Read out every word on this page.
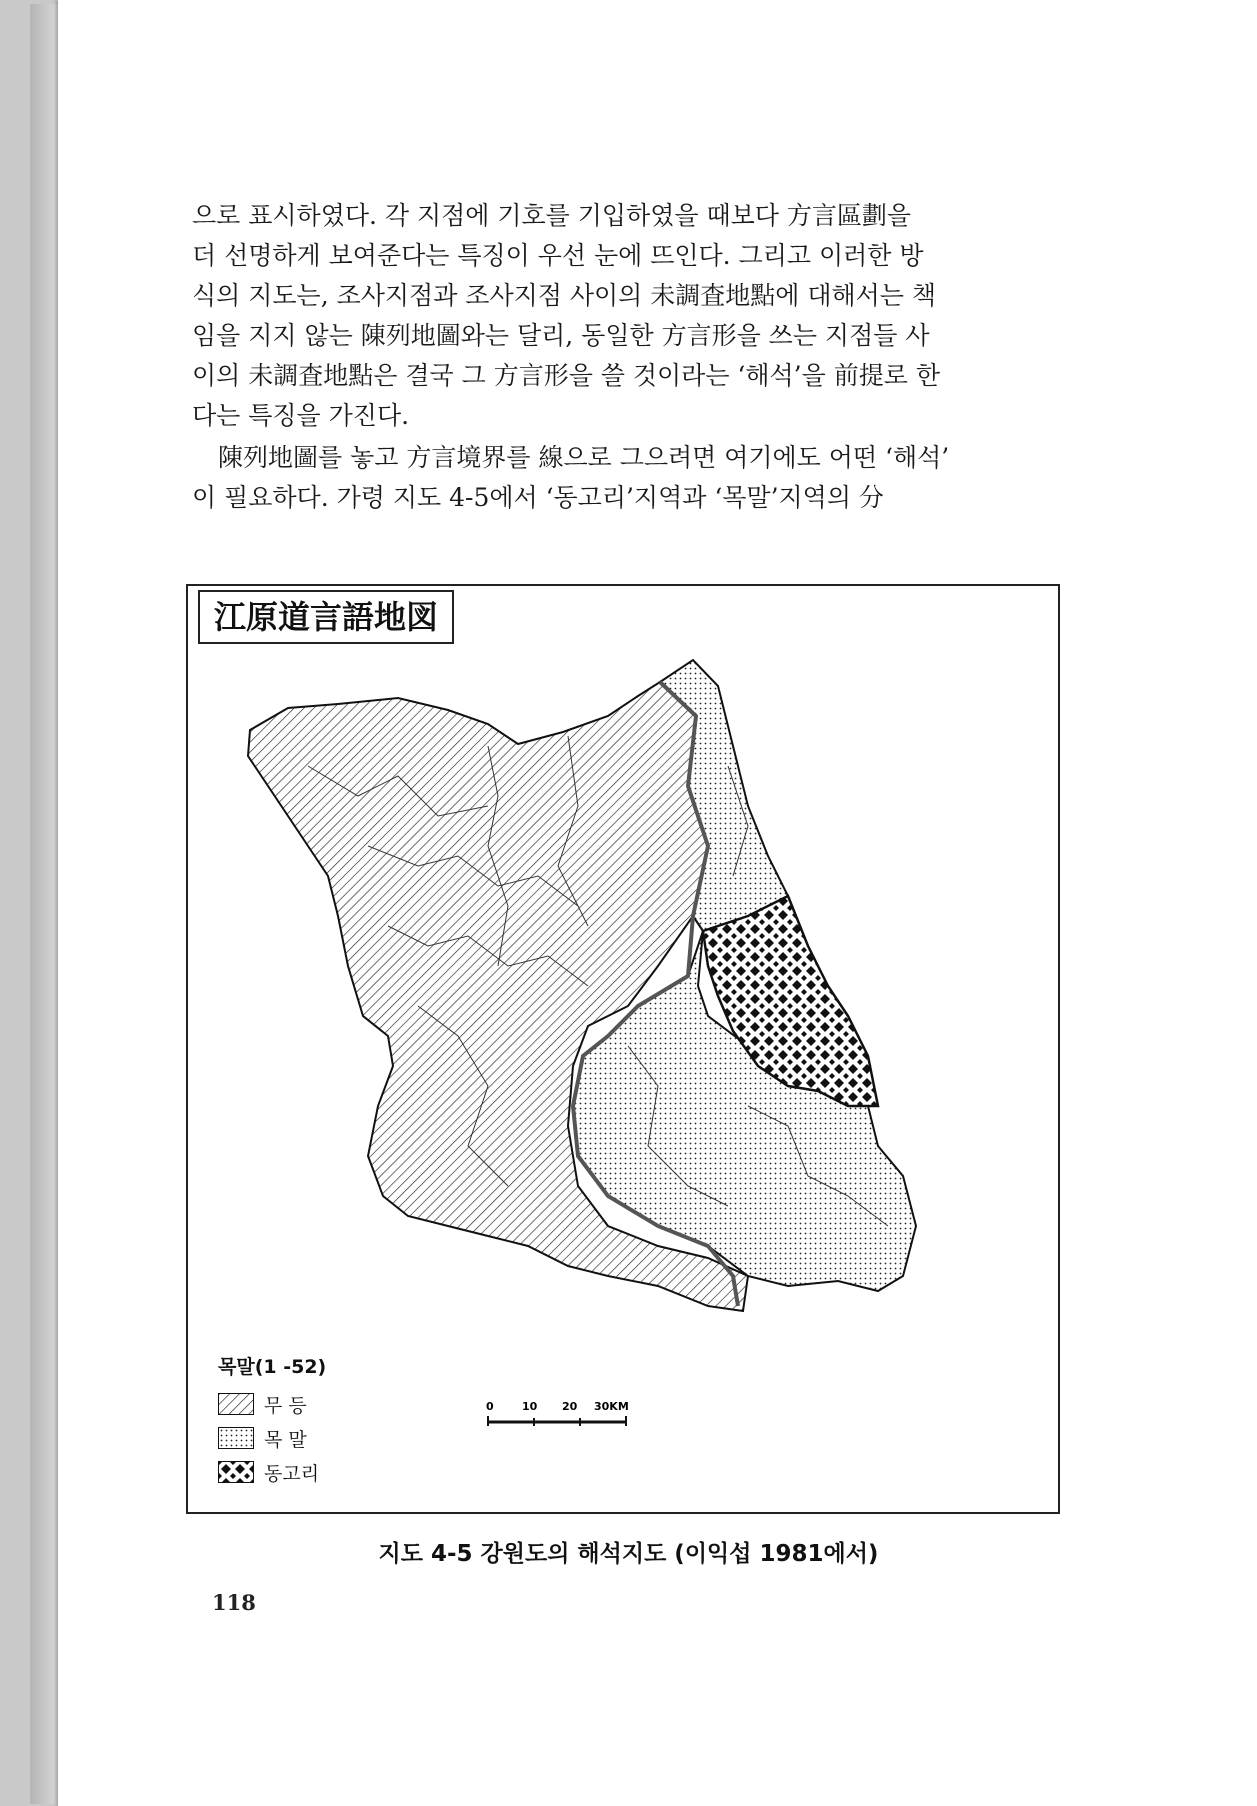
으로 표시하였다. 각 지점에 기호를 기입하였을 때보다 方言區劃을
더 선명하게 보여준다는 특징이 우선 눈에 뜨인다. 그리고 이러한 방
식의 지도는, 조사지점과 조사지점 사이의 未調査地點에 대해서는 책
임을 지지 않는 陳列地圖와는 달리, 동일한 方言形을 쓰는 지점들 사
이의 未調査地點은 결국 그 方言形을 쓸 것이라는 ‘해석’을 前提로 한
다는 특징을 가진다.
陳列地圖를 놓고 方言境界를 線으로 그으려면 여기에도 어떤 ‘해석’
이 필요하다. 가령 지도 4-5에서 ‘동고리’지역과 ‘목말’지역의 分
江原道言語地図
목말(1 -52)
무 등
목 말
동고리
0	10 20 30KM
지도 4-5 강원도의 해석지도 (이익섭 1981에서)
118
